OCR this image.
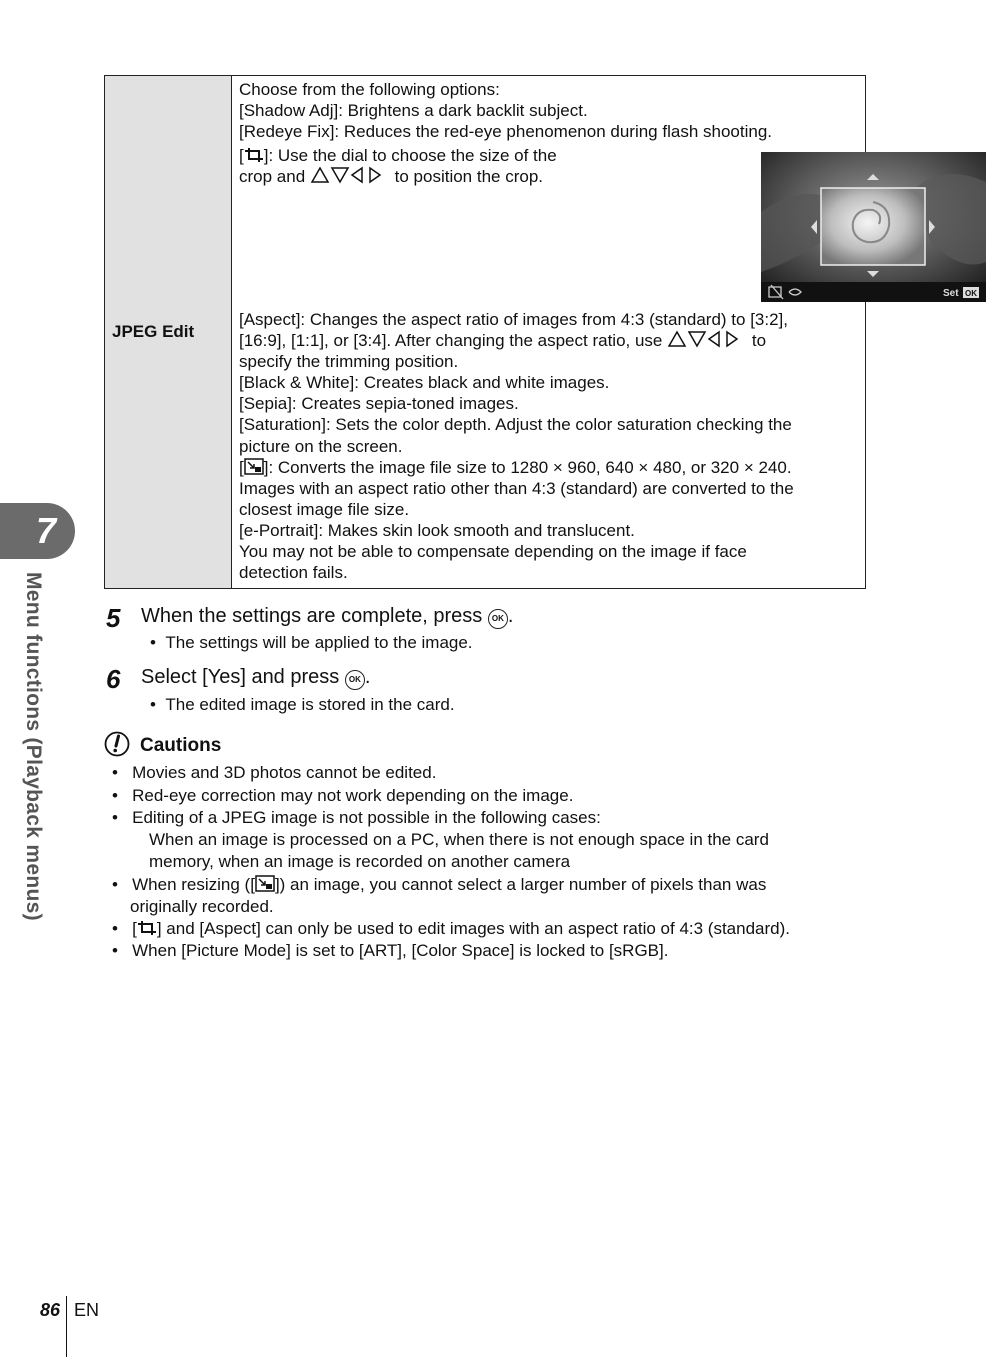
JPEG Edit
Choose from the following options:
[Shadow Adj]: Brightens a dark backlit subject.
[Redeye Fix]: Reduces the red-eye phenomenon during flash shooting.
[ ]: Use the dial to choose the size of the
crop and	to position the crop.
Set OK
[Aspect]: Changes the aspect ratio of images from 4:3 (standard) to [3:2],
[16:9], [1:1], or [3:4]. After changing the aspect ratio, use	to
specify the trimming position.
[Black & White]: Creates black and white images.
[Sepia]: Creates sepia-toned images.
[Saturation]: Sets the color depth. Adjust the color saturation checking the
picture on the screen.
[ ]: Converts the image file size to 1280 × 960, 640 × 480, or 320 × 240.
Images with an aspect ratio other than 4:3 (standard) are converted to the
closest image file size.
[e-Portrait]: Makes skin look smooth and translucent.
You may not be able to compensate depending on the image if face
detection fails.
5 When the settings are complete, press OK .
•  The settings will be applied to the image.
6 Select [Yes] and press OK .
•  The edited image is stored in the card.
Cautions
•   Movies and 3D photos cannot be edited.
•   Red-eye correction may not work depending on the image.
•   Editing of a JPEG image is not possible in the following cases:
When an image is processed on a PC, when there is not enough space in the card
memory, when an image is recorded on another camera
•   When resizing ([ ]) an image, you cannot select a larger number of pixels than was
originally recorded.
•   [ ] and [Aspect] can only be used to edit images with an aspect ratio of 4:3 (standard).
•   When [Picture Mode] is set to [ART], [Color Space] is locked to [sRGB].
7
Menu functions (Playback menus)
86 EN
